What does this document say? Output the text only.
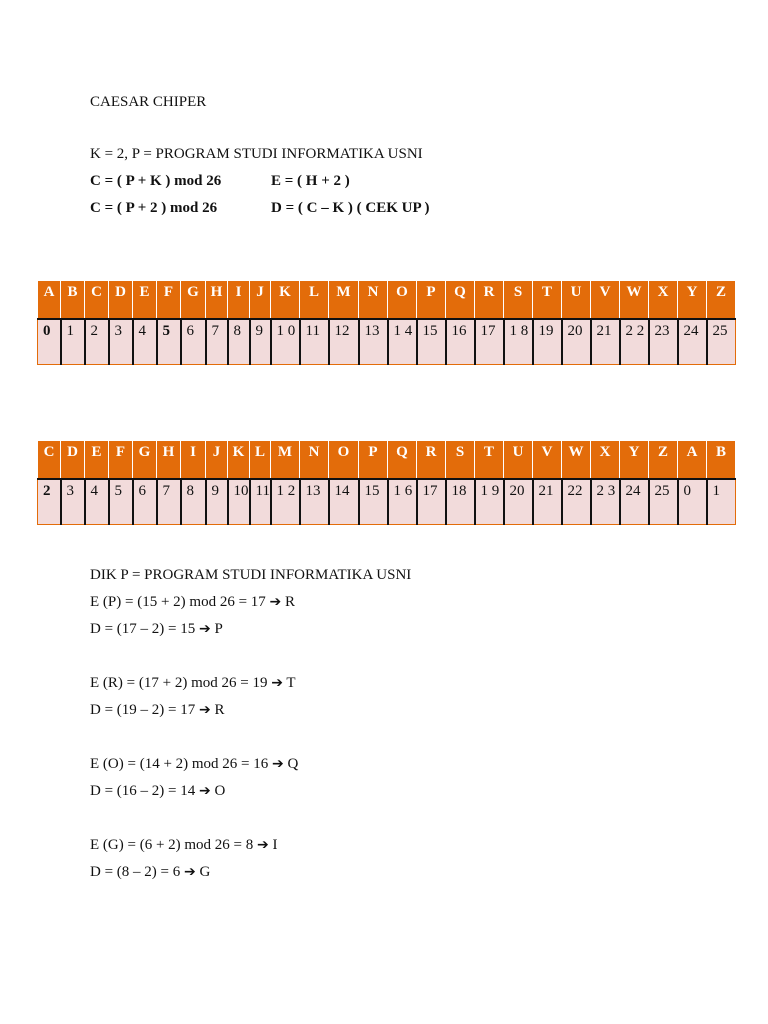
CAESAR CHIPER
K = 2, P = PROGRAM STUDI INFORMATIKA USNI
C = ( P + K ) mod 26	E = ( H + 2 )
C = ( P + 2 ) mod 26	D = ( C – K ) ( CEK UP )
A	B	C	D	E	F	G	H	I	J	K	L	M	N	O	P	Q	R	S	T	U	V	W	X	Y	Z
0	1	2	3	4	5	6	7	8	9	1 0	11	12	13	1 4	15	16	17	1 8	19	20	21	2 2	23	24	25
C	D	E	F	G	H	I	J	K	L	M	N	O	P	Q	R	S	T	U	V	W	X	Y	Z	A	B
2	3	4	5	6	7	8	9	10	11	1 2	13	14	15	1 6	17	18	1 9	20	21	22	2 3	24	25	0	1
DIK P = PROGRAM STUDI INFORMATIKA USNI
E (P) = (15 + 2) mod 26 = 17 ➔ R
D = (17 – 2) = 15 ➔ P
E (R) = (17 + 2) mod 26 = 19 ➔ T
D = (19 – 2) = 17 ➔ R
E (O) = (14 + 2) mod 26 = 16 ➔ Q
D = (16 – 2) = 14 ➔ O
E (G) = (6 + 2) mod 26 = 8 ➔ I
D = (8 – 2) = 6 ➔ G
